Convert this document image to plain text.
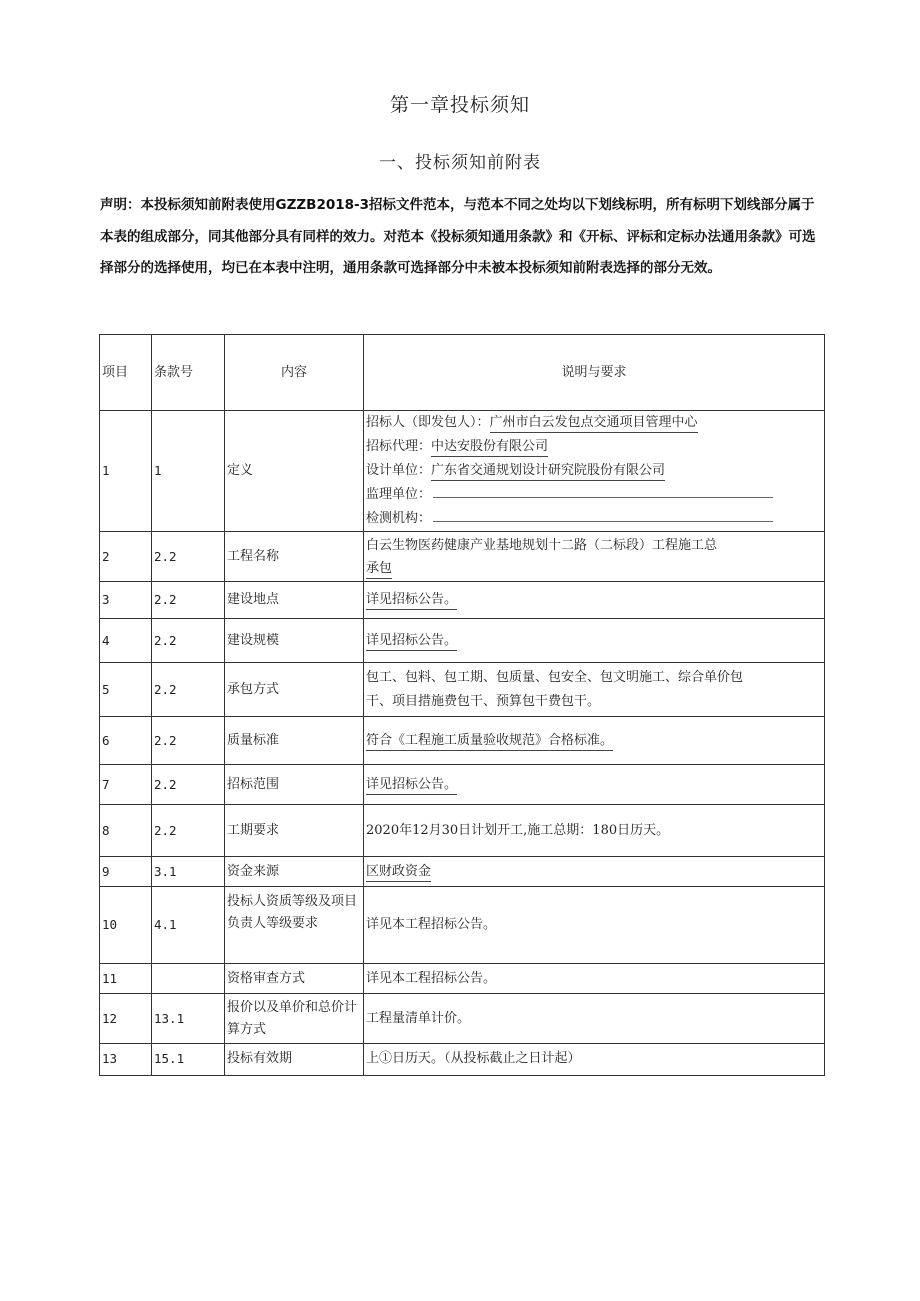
第一章投标须知
一、投标须知前附表
声明：本投标须知前附表使用GZZB2018-3招标文件范本，与范本不同之处均以下划线标明，所有标明下划线部分属于本表的组成部分，同其他部分具有同样的效力。对范本《投标须知通用条款》和《开标、评标和定标办法通用条款》可选择部分的选择使用，均已在本表中注明，通用条款可选择部分中未被本投标须知前附表选择的部分无效。
项目	条款号	内容	说明与要求
1	1	定义	招标人（即发包人）：广州市白云发包点交通项目管理中心
招标代理：中达安股份有限公司
设计单位：广东省交通规划设计研究院股份有限公司
监理单位：
检测机构：

2	2.2	工程名称	白云生物医药健康产业基地规划十二路（二标段）工程施工总
承包
3	2.2	建设地点	详见招标公告。
4	2.2	建设规模	详见招标公告。
5	2.2	承包方式	包工、包料、包工期、包质量、包安全、包文明施工、综合单价包
干、项目措施费包干、预算包干费包干。

6	2.2	质量标准	符合《工程施工质量验收规范》合格标准。
7	2.2	招标范围	详见招标公告。
8	2.2	工期要求	2020年12月30日计划开工,施工总期：180日历天。
9	3.1	资金来源	区财政资金
10	4.1	投标人资质等级及项目负责人等级要求	详见本工程招标公告。
11		资格审查方式	详见本工程招标公告。
12	13.1	报价以及单价和总价计算方式	工程量清单计价。
13	15.1	投标有效期	上①日历天。（从投标截止之日计起）
